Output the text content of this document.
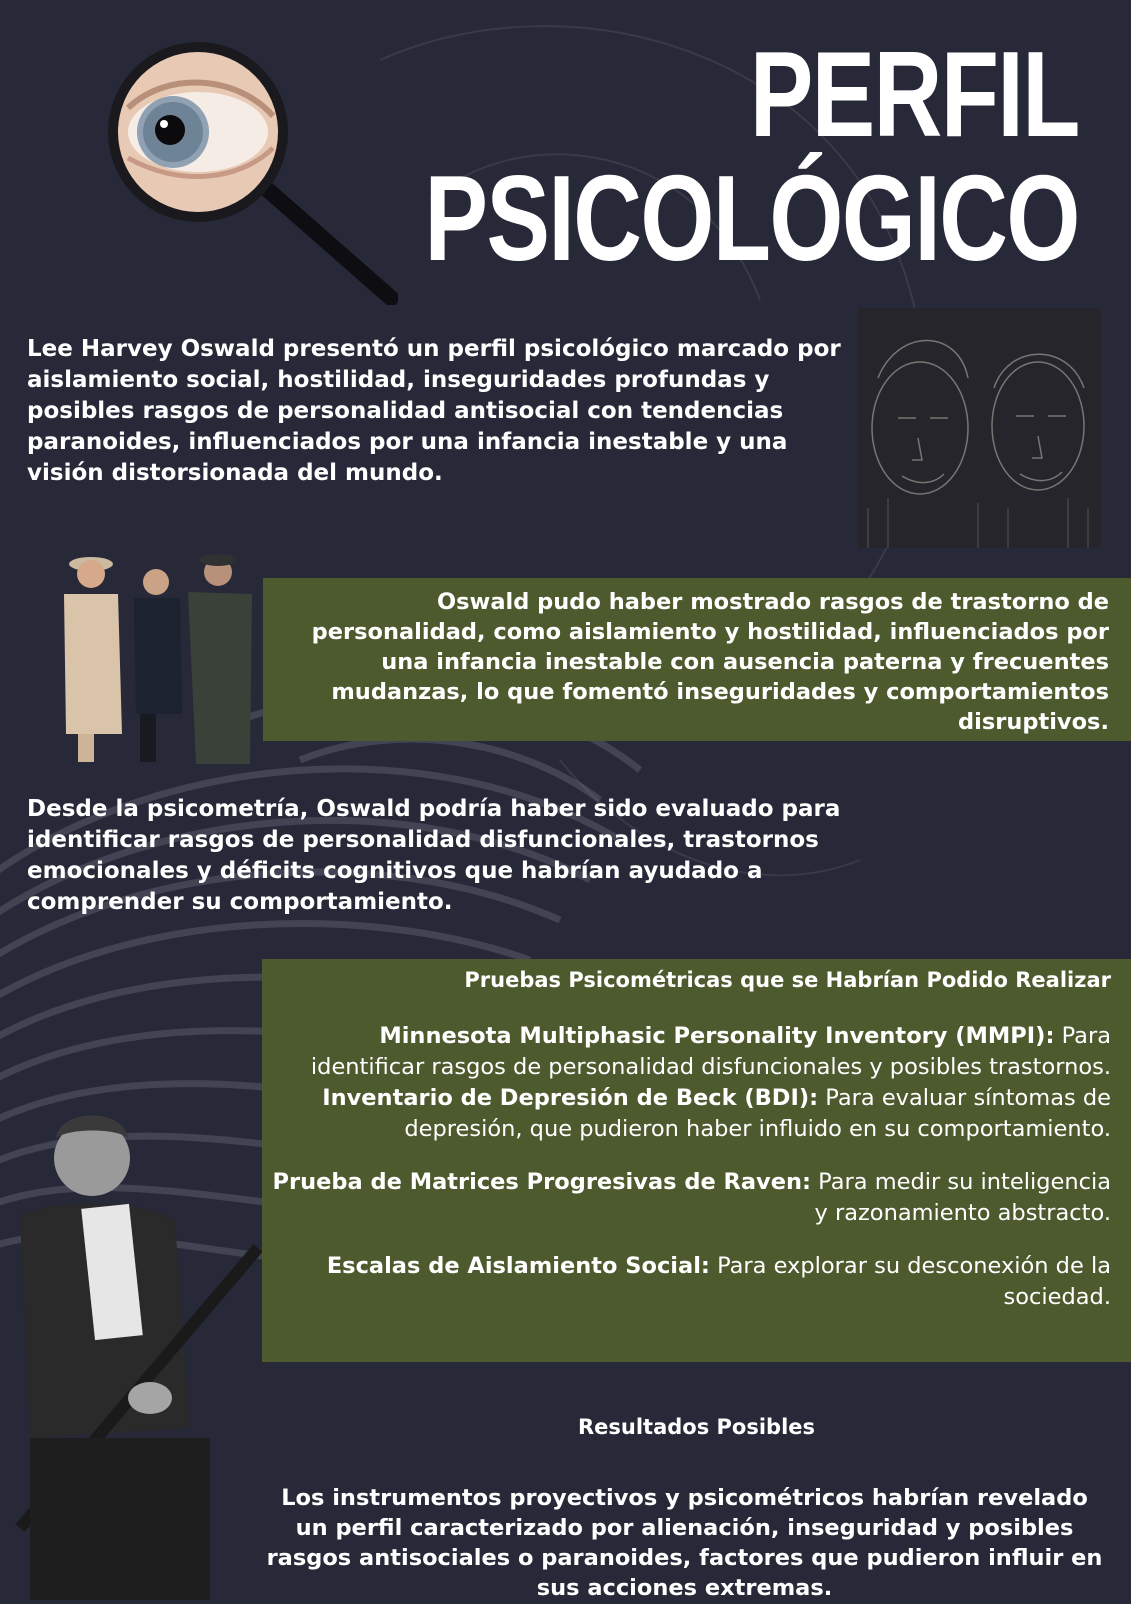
PERFIL
PSICOLÓGICO

Lee Harvey Oswald presentó un perfil psicológico marcado por aislamiento social, hostilidad, inseguridades profundas y posibles rasgos de personalidad antisocial con tendencias paranoides, influenciados por una infancia inestable y una visión distorsionada del mundo.

Oswald pudo haber mostrado rasgos de trastorno de personalidad, como aislamiento y hostilidad, influenciados por una infancia inestable con ausencia paterna y frecuentes mudanzas, lo que fomentó inseguridades y comportamientos disruptivos.

Desde la psicometría, Oswald podría haber sido evaluado para identificar rasgos de personalidad disfuncionales, trastornos emocionales y déficits cognitivos que habrían ayudado a comprender su comportamiento.

Pruebas Psicométricas que se Habrían Podido Realizar

Minnesota Multiphasic Personality Inventory (MMPI): Para identificar rasgos de personalidad disfuncionales y posibles trastornos.

Inventario de Depresión de Beck (BDI): Para evaluar síntomas de depresión, que pudieron haber influido en su comportamiento.

Prueba de Matrices Progresivas de Raven: Para medir su inteligencia y razonamiento abstracto.

Escalas de Aislamiento Social: Para explorar su desconexión de la sociedad.

Resultados Posibles

Los instrumentos proyectivos y psicométricos habrían revelado un perfil caracterizado por alienación, inseguridad y posibles rasgos antisociales o paranoides, factores que pudieron influir en sus acciones extremas.
